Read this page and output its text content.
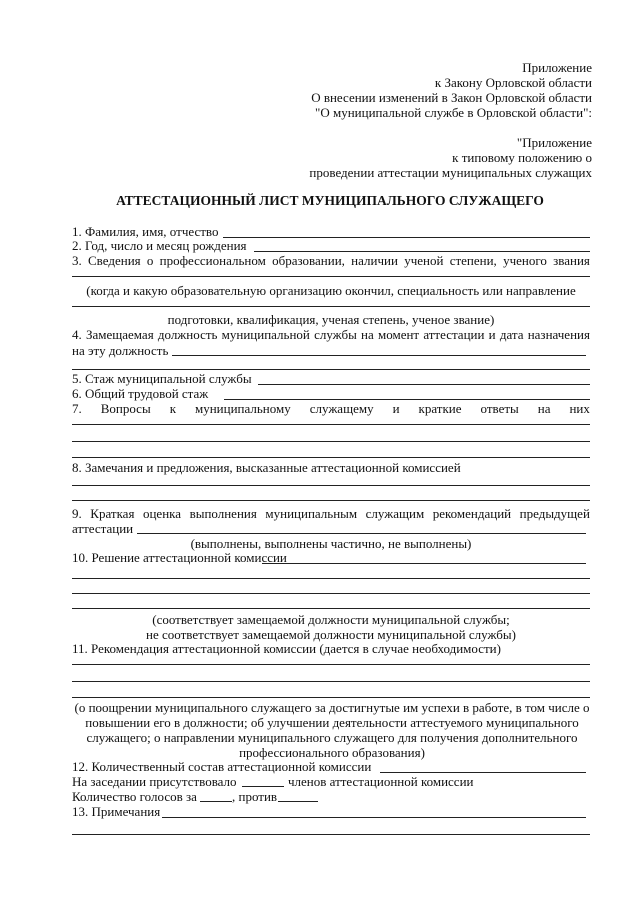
Приложение
к Закону Орловской области
О внесении изменений в Закон Орловской области
"О муниципальной службе в Орловской области":
"Приложение
к типовому положению о
проведении аттестации муниципальных служащих
АТТЕСТАЦИОННЫЙ ЛИСТ МУНИЦИПАЛЬНОГО СЛУЖАЩЕГО
1. Фамилия, имя, отчество
2. Год, число и месяц рождения
3. Сведения о профессиональном образовании, наличии ученой степени, ученого звания
(когда и какую образовательную организацию окончил, специальность или направление
подготовки, квалификация, ученая степень, ученое звание)
4. Замещаемая должность муниципальной службы на момент аттестации и дата назначения
на эту должность
5. Стаж муниципальной службы
6. Общий трудовой стаж
7. Вопросы к муниципальному служащему и краткие ответы на них
8. Замечания и предложения, высказанные аттестационной комиссией
9. Краткая оценка выполнения муниципальным служащим рекомендаций предыдущей
аттестации
(выполнены, выполнены частично, не выполнены)
10. Решение аттестационной комиссии
(соответствует замещаемой должности муниципальной службы;
не соответствует замещаемой должности муниципальной службы)
11. Рекомендация аттестационной комиссии (дается в случае необходимости)
(о поощрении муниципального служащего за достигнутые им успехи в работе, в том числе о
повышении его в должности; об улучшении деятельности аттестуемого муниципального
служащего; о направлении муниципального служащего для получения дополнительного
профессионального образования)
12. Количественный состав аттестационной комиссии
На заседании присутствовало	членов аттестационной комиссии
Количество голосов за	, против
13. Примечания
